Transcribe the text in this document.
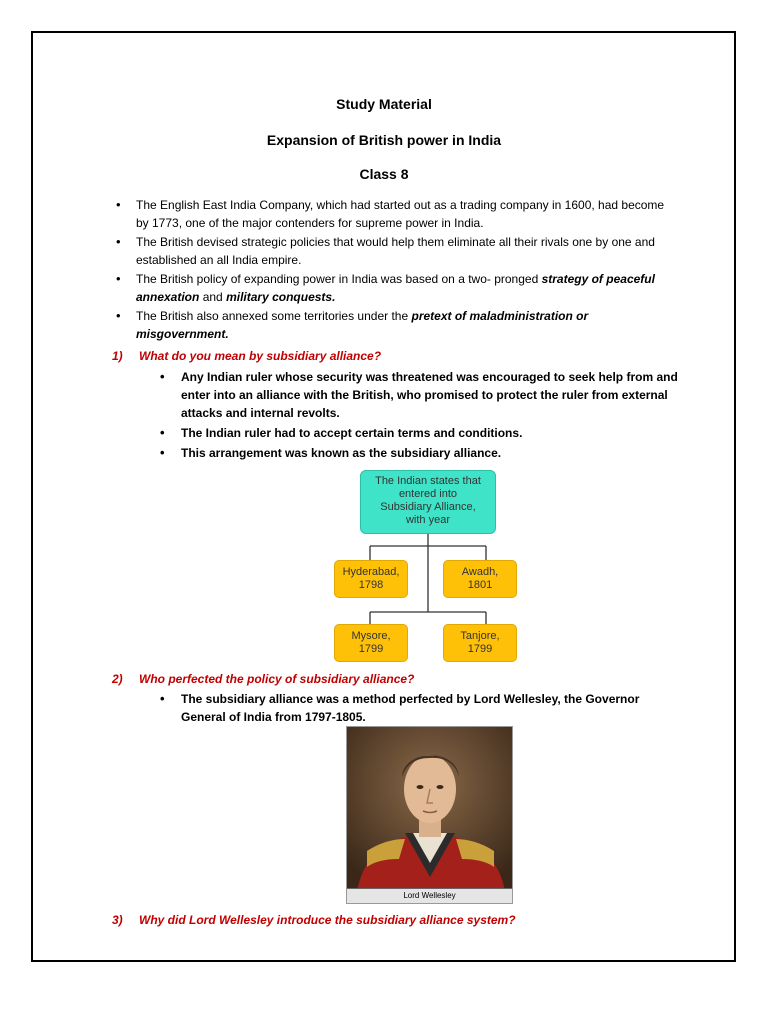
Study Material
Expansion of British power in India
Class 8
• The English East India Company, which had started out as a trading company in 1600, had become by 1773, one of the major contenders for supreme power in India.
• The British devised strategic policies that would help them eliminate all their rivals one by one and established an all India empire.
• The British policy of expanding power in India was based on a two- pronged strategy of peaceful annexation and military conquests.
• The British also annexed some territories under the pretext of maladministration or misgovernment.
1) What do you mean by subsidiary alliance?
• Any Indian ruler whose security was threatened was encouraged to seek help from and enter into an alliance with the British, who promised to protect the ruler from external attacks and internal revolts.
• The Indian ruler had to accept certain terms and conditions.
• This arrangement was known as the subsidiary alliance.
The Indian states that
entered into
Subsidiary Alliance,
with year
Hyderabad,
1798
Awadh,
1801
Mysore,
1799
Tanjore,
1799
2) Who perfected the policy of subsidiary alliance?
• The subsidiary alliance was a method perfected by Lord Wellesley, the Governor General of India from 1797-1805.
Lord Wellesley
3) Why did Lord Wellesley introduce the subsidiary alliance system?
